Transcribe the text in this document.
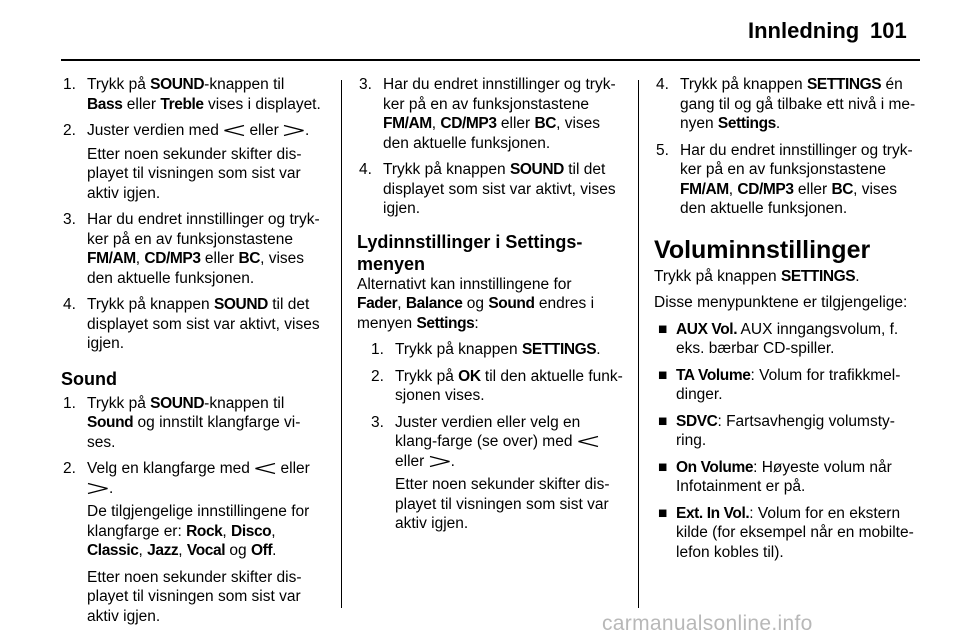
Innledning 101
1. Trykk på SOUND-knappen til
Bass eller Treble vises i displayet.
2. Juster verdien med eller .
Etter noen sekunder skifter dis-playet til visningen som sist var aktiv igjen.
3. Har du endret innstillinger og tryk-ker på en av funksjonstastene FM/AM, CD/MP3 eller BC, vises den aktuelle funksjonen.
4. Trykk på knappen SOUND til det displayet som sist var aktivt, vises igjen.
Sound
1. Trykk på SOUND-knappen til
Sound og innstilt klangfarge vi-ses.
2. Velg en klangfarge med eller
.
De tilgjengelige innstillingene for klangfarge er: Rock, Disco,
Classic, Jazz, Vocal og Off.
Etter noen sekunder skifter dis-playet til visningen som sist var aktiv igjen.
3. Har du endret innstillinger og tryk-ker på en av funksjonstastene FM/AM, CD/MP3 eller BC, vises den aktuelle funksjonen.
4. Trykk på knappen SOUND til det displayet som sist var aktivt, vises igjen.
Lydinnstillinger i Settings-
menyen
Alternativt kan innstillingene for
Fader, Balance og Sound endres i menyen Settings:
1. Trykk på knappen SETTINGS.
2. Trykk på OK til den aktuelle funk-sjonen vises.
3. Juster verdien eller velg en klang-farge (se over) med  eller .
Etter noen sekunder skifter dis-playet til visningen som sist var aktiv igjen.
4. Trykk på knappen SETTINGS én gang til og gå tilbake ett nivå i me-nyen Settings.
5. Har du endret innstillinger og tryk-ker på en av funksjonstastene FM/AM, CD/MP3 eller BC, vises den aktuelle funksjonen.
Voluminnstillinger
Trykk på knappen SETTINGS.
Disse menypunktene er tilgjengelige:
■ AUX Vol. AUX inngangsvolum, f. eks. bærbar CD-spiller.
■ TA Volume: Volum for trafikkmel-dinger.
■ SDVC: Fartsavhengig volumsty-ring.
■ On Volume: Høyeste volum når Infotainment er på.
■ Ext. In Vol.: Volum for en ekstern kilde (for eksempel når en mobilte-lefon kobles til).
carmanualsonline.info
